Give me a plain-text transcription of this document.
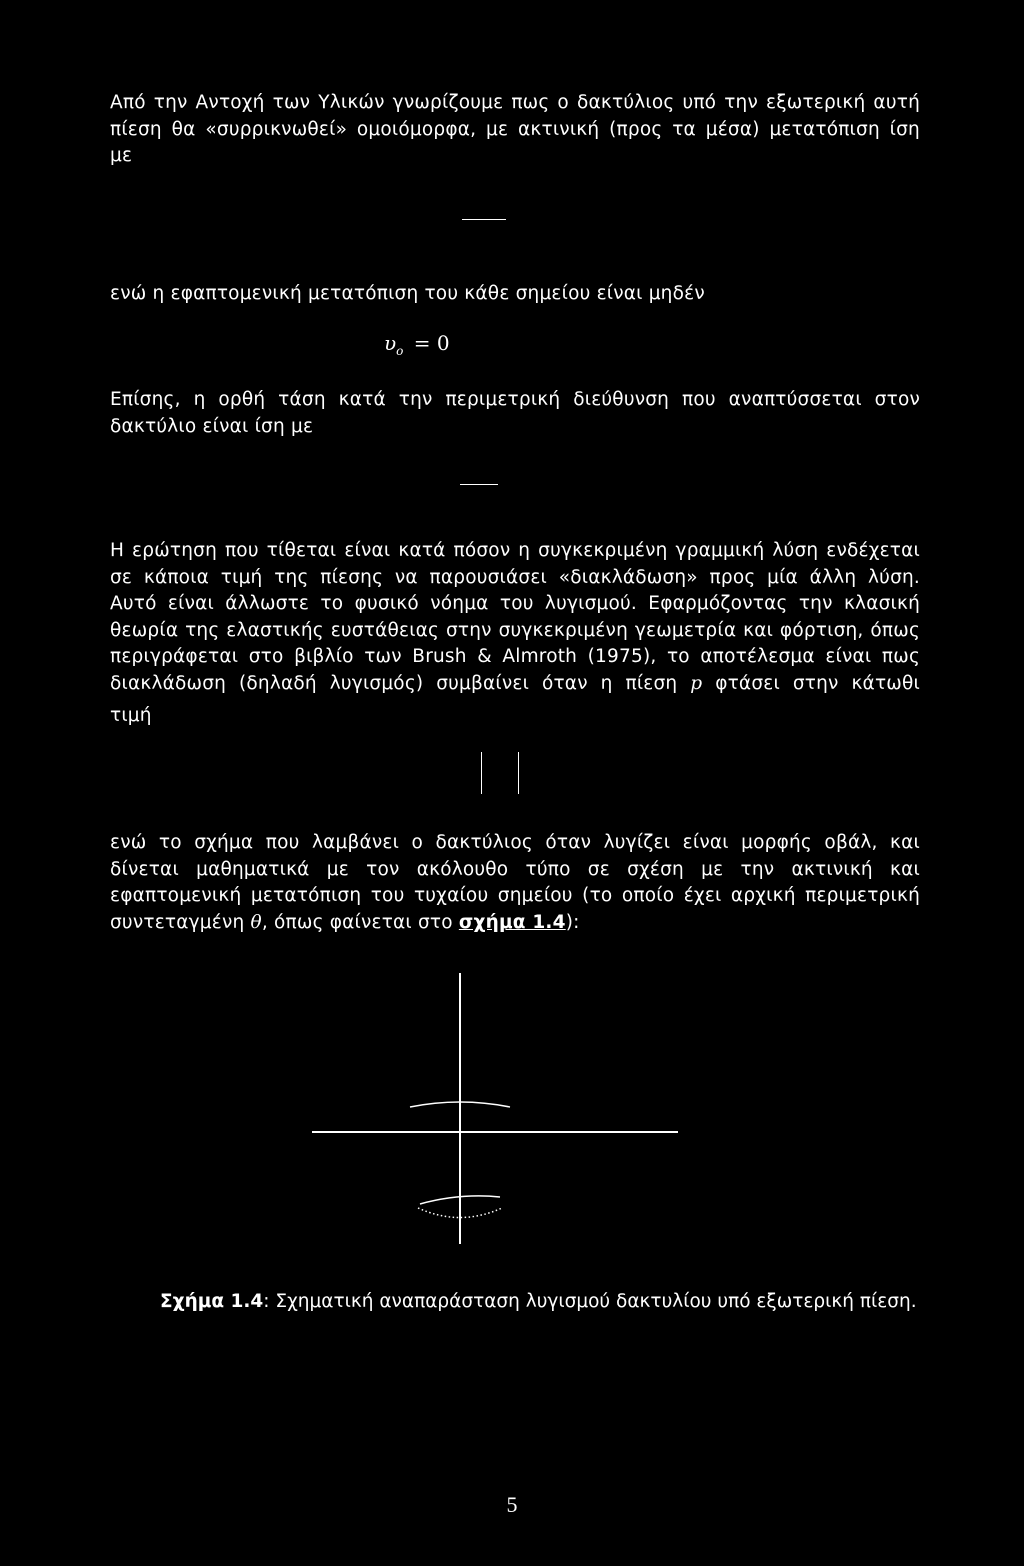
Από την Αντοχή των Υλικών γνωρίζουμε πως ο δακτύλιος υπό την εξωτερική αυτή
πίεση θα «συρρικνωθεί» ομοιόμορφα, με ακτινική (προς τα μέσα) μετατόπιση ίση
με
ενώ η εφαπτομενική μετατόπιση του κάθε σημείου είναι μηδέν
$\upsilon_o = 0$
Επίσης, η ορθή τάση κατά την περιμετρική διεύθυνση που αναπτύσσεται στον
δακτύλιο είναι ίση με
Η ερώτηση που τίθεται είναι κατά πόσον η συγκεκριμένη γραμμική λύση ενδέχεται
σε κάποια τιμή της πίεσης να παρουσιάσει «διακλάδωση» προς μία άλλη λύση.
Αυτό είναι άλλωστε το φυσικό νόημα του λυγισμού. Εφαρμόζοντας την κλασική
θεωρία της ελαστικής ευστάθειας στην συγκεκριμένη γεωμετρία και φόρτιση, όπως
περιγράφεται στο βιβλίο των Brush & Almroth (1975), το αποτέλεσμα είναι πως
διακλάδωση (δηλαδή λυγισμός) συμβαίνει όταν η πίεση p φτάσει στην κάτωθι
τιμή
ενώ το σχήμα που λαμβάνει ο δακτύλιος όταν λυγίζει είναι μορφής οβάλ, και
δίνεται μαθηματικά με τον ακόλουθο τύπο σε σχέση με την ακτινική και
εφαπτομενική μετατόπιση του τυχαίου σημείου (το οποίο έχει αρχική περιμετρική
συντεταγμένη θ, όπως φαίνεται στο σχήμα 1.4):
Σχήμα 1.4: Σχηματική αναπαράσταση λυγισμού δακτυλίου υπό εξωτερική πίεση.
5
